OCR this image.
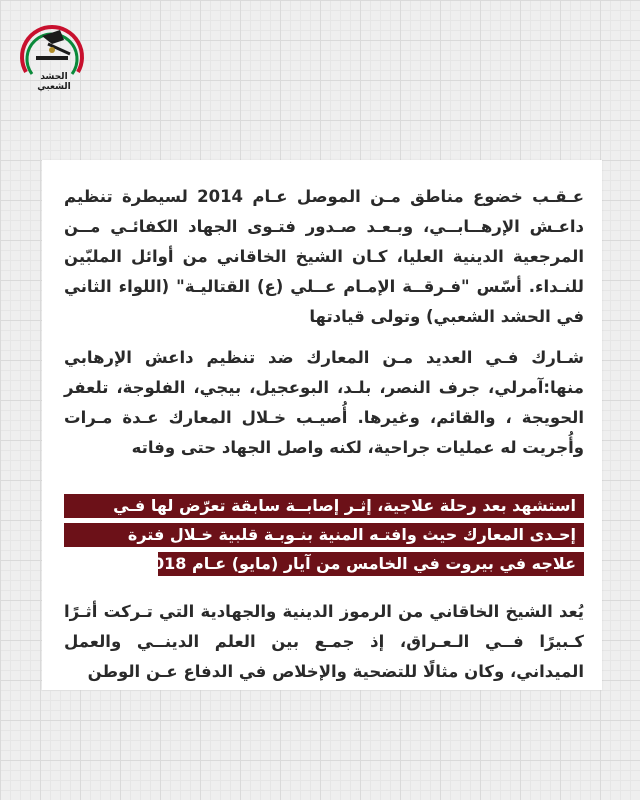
الحشد الشعبي
عـقـب خضوع مناطق مـن الموصل عـام 2014 لسيطرة تنظيم داعـش الإرهــابــي، وبـعـد صـدور فتـوى الجهاد الكفائـي مــن المرجعية الدينية العليا، كـان الشيخ الخاقاني من أوائل الملبّين للنـداء. أسّس "فـرقــة الإمـام عــلي (ع) القتاليـة" (اللواء الثاني في الحشد الشعبي) وتولى قيادتها
شـارك فـي العديد مـن المعارك ضد تنظيم داعش الإرهابي منها:آمرلي، جرف النصر، بلـد، البوعجيل، بيجي، الفلوجة، تلعفر الحويجة ، والقائم، وغيرها. أُصيـب خـلال المعارك عـدة مـرات وأُجريت له عمليات جراحية، لكنه واصل الجهاد حتى وفاته
استشهد بعد رحلة علاجية، إثـر إصابــة سابقة تعرّض لها فـي
إحـدى المعارك حيث وافتـه المنية بنـوبـة قلبية خـلال فترة
علاجه في بيروت في الخامس من آيار (مايو) عـام 2018
يُعد الشيخ الخاقاني من الرموز الدينية والجهادية التي تـركت أثـرًا كـبيرًا فــي الـعـراق، إذ جمـع بين العلم الدينــي والعمل الميداني، وكان مثالًا للتضحية والإخلاص في الدفاع عـن الوطن
